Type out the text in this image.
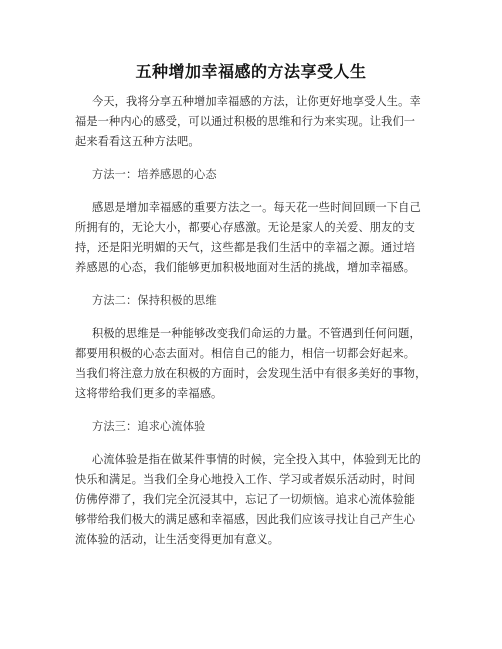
五种增加幸福感的方法享受人生
今天，我将分享五种增加幸福感的方法，让你更好地享受人生。幸
福是一种内心的感受，可以通过积极的思维和行为来实现。让我们一
起来看看这五种方法吧。
方法一：培养感恩的心态
感恩是增加幸福感的重要方法之一。每天花一些时间回顾一下自己
所拥有的，无论大小，都要心存感激。无论是家人的关爱、朋友的支
持，还是阳光明媚的天气，这些都是我们生活中的幸福之源。通过培
养感恩的心态，我们能够更加积极地面对生活的挑战，增加幸福感。
方法二：保持积极的思维
积极的思维是一种能够改变我们命运的力量。不管遇到任何问题，
都要用积极的心态去面对。相信自己的能力，相信一切都会好起来。
当我们将注意力放在积极的方面时，会发现生活中有很多美好的事物，
这将带给我们更多的幸福感。
方法三：追求心流体验
心流体验是指在做某件事情的时候，完全投入其中，体验到无比的
快乐和满足。当我们全身心地投入工作、学习或者娱乐活动时，时间
仿佛停滞了，我们完全沉浸其中，忘记了一切烦恼。追求心流体验能
够带给我们极大的满足感和幸福感，因此我们应该寻找让自己产生心
流体验的活动，让生活变得更加有意义。
